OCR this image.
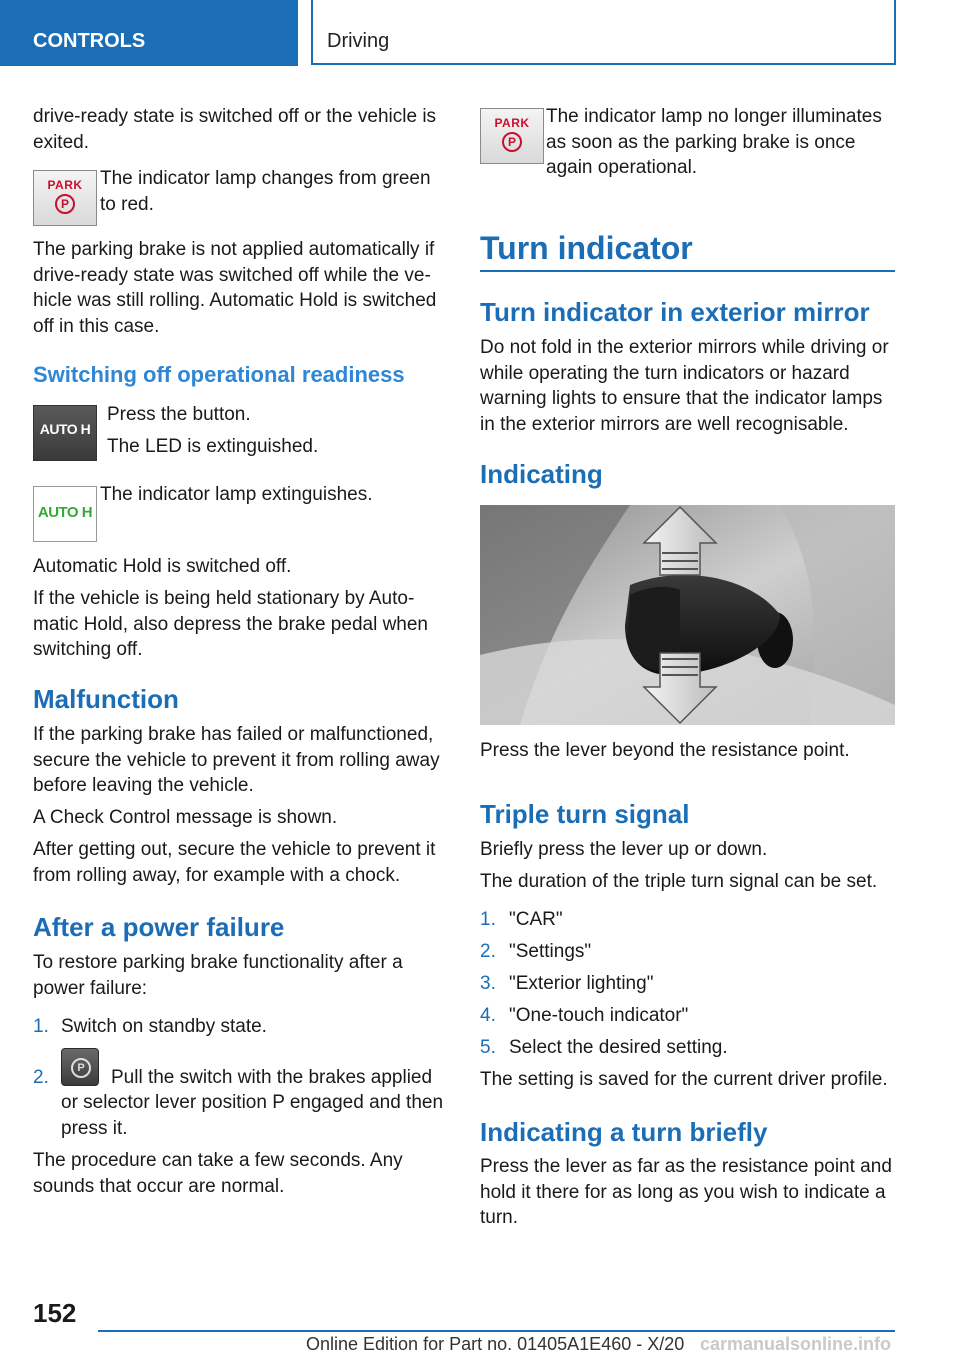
CONTROLS	Driving

drive-ready state is switched off or the vehicle is exited.

PARK
P

The indicator lamp changes from green to red.

The parking brake is not applied automatically if drive-ready state was switched off while the ve‐hicle was still rolling. Automatic Hold is switched off in this case.

Switching off operational readiness
AUTO H

Press the button.

The LED is extinguished.

AUTO H

The indicator lamp extinguishes.

Automatic Hold is switched off.

If the vehicle is being held stationary by Auto‐matic Hold, also depress the brake pedal when switching off.

Malfunction

If the parking brake has failed or malfunctioned, secure the vehicle to prevent it from rolling away before leaving the vehicle.

A Check Control message is shown.

After getting out, secure the vehicle to prevent it from rolling away, for example with a chock.

After a power failure

To restore parking brake functionality after a power failure:

1. Switch on standby state.
2.	P	Pull the switch with the brakes applied
or selector lever position P engaged and then
press it.

The procedure can take a few seconds. Any sounds that occur are normal.

PARK
P

The indicator lamp no longer illuminates as soon as the parking brake is once again operational.

Turn indicator
Turn indicator in exterior mirror

Do not fold in the exterior mirrors while driving or while operating the turn indicators or hazard warning lights to ensure that the indicator lamps in the exterior mirrors are well recognisable.

Indicating

Press the lever beyond the resistance point.

Triple turn signal

Briefly press the lever up or down.

The duration of the triple turn signal can be set.

1. "CAR"
2. "Settings"
3. "Exterior lighting"
4. "One-touch indicator"
5. Select the desired setting.

The setting is saved for the current driver profile.

Indicating a turn briefly

Press the lever as far as the resistance point and hold it there for as long as you wish to indicate a turn.

152
Online Edition for Part no. 01405A1E460 - X/20 carmanualsonline.info
